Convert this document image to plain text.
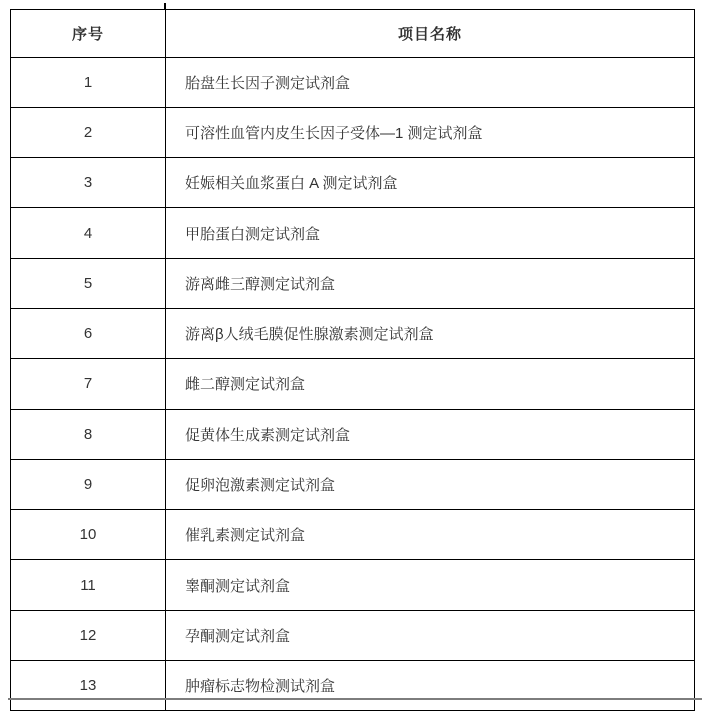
序号	项目名称
1	胎盘生长因子测定试剂盒
2	可溶性血管内皮生长因子受体—1 测定试剂盒
3	妊娠相关血浆蛋白 A 测定试剂盒
4	甲胎蛋白测定试剂盒
5	游离雌三醇测定试剂盒
6	游离β人绒毛膜促性腺激素测定试剂盒
7	雌二醇测定试剂盒
8	促黄体生成素测定试剂盒
9	促卵泡激素测定试剂盒
10	催乳素测定试剂盒
11	睾酮测定试剂盒
12	孕酮测定试剂盒
13	肿瘤标志物检测试剂盒
